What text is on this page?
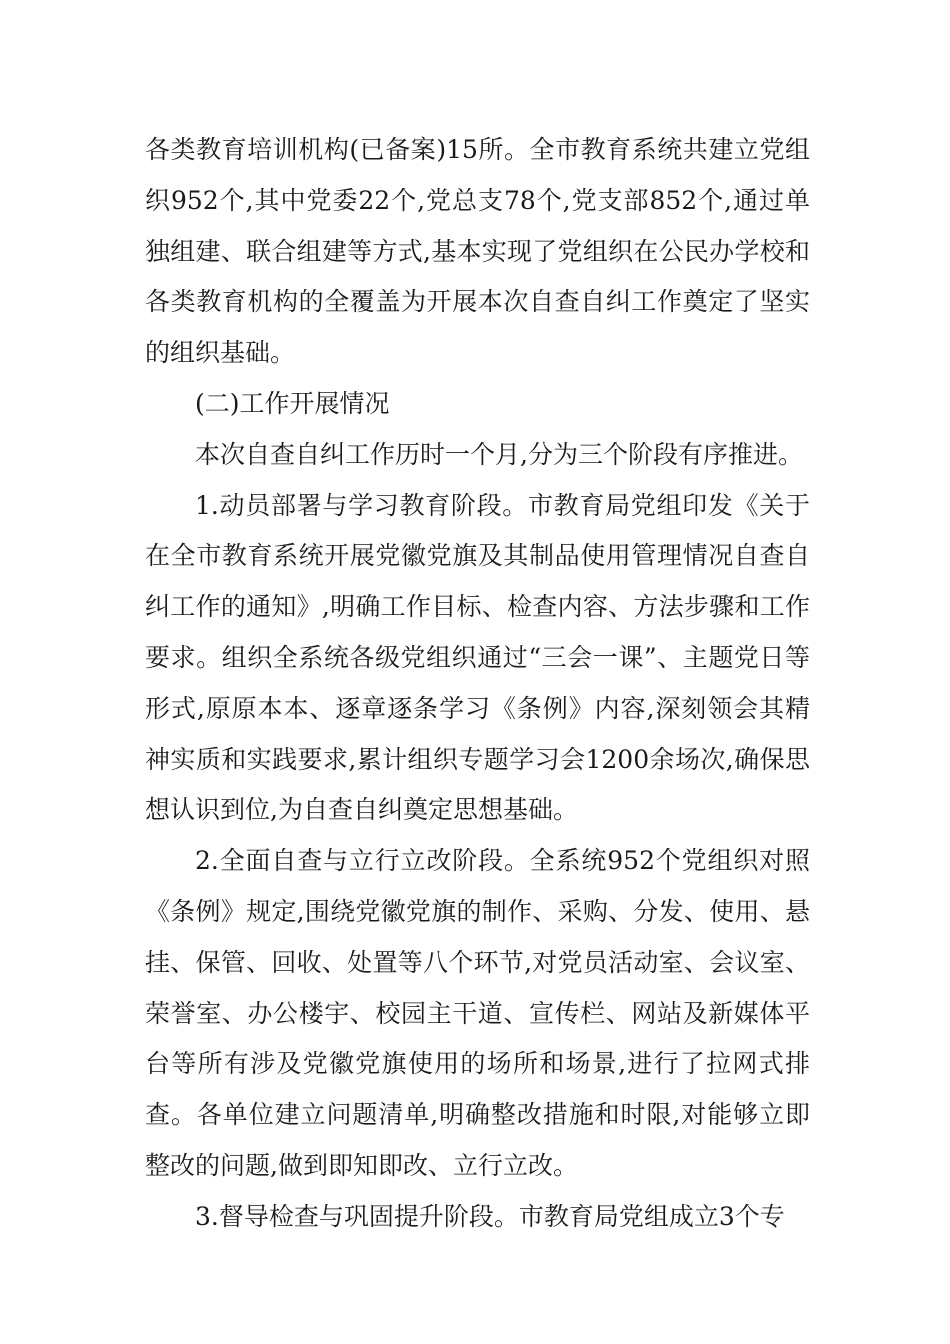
各类教育培训机构(已备案)15所。全市教育系统共建立党组织952个,其中党委22个,党总支78个,党支部852个,通过单独组建、联合组建等方式,基本实现了党组织在公民办学校和各类教育机构的全覆盖为开展本次自查自纠工作奠定了坚实的组织基础。

(二)工作开展情况

本次自查自纠工作历时一个月,分为三个阶段有序推进。

1.动员部署与学习教育阶段。市教育局党组印发《关于在全市教育系统开展党徽党旗及其制品使用管理情况自查自纠工作的通知》,明确工作目标、检查内容、方法步骤和工作要求。组织全系统各级党组织通过“三会一课”、主题党日等形式,原原本本、逐章逐条学习《条例》内容,深刻领会其精神实质和实践要求,累计组织专题学习会1200余场次,确保思想认识到位,为自查自纠奠定思想基础。

2.全面自查与立行立改阶段。全系统952个党组织对照《条例》规定,围绕党徽党旗的制作、采购、分发、使用、悬挂、保管、回收、处置等八个环节,对党员活动室、会议室、荣誉室、办公楼宇、校园主干道、宣传栏、网站及新媒体平台等所有涉及党徽党旗使用的场所和场景,进行了拉网式排查。各单位建立问题清单,明确整改措施和时限,对能够立即整改的问题,做到即知即改、立行立改。

3.督导检查与巩固提升阶段。市教育局党组成立3个专
